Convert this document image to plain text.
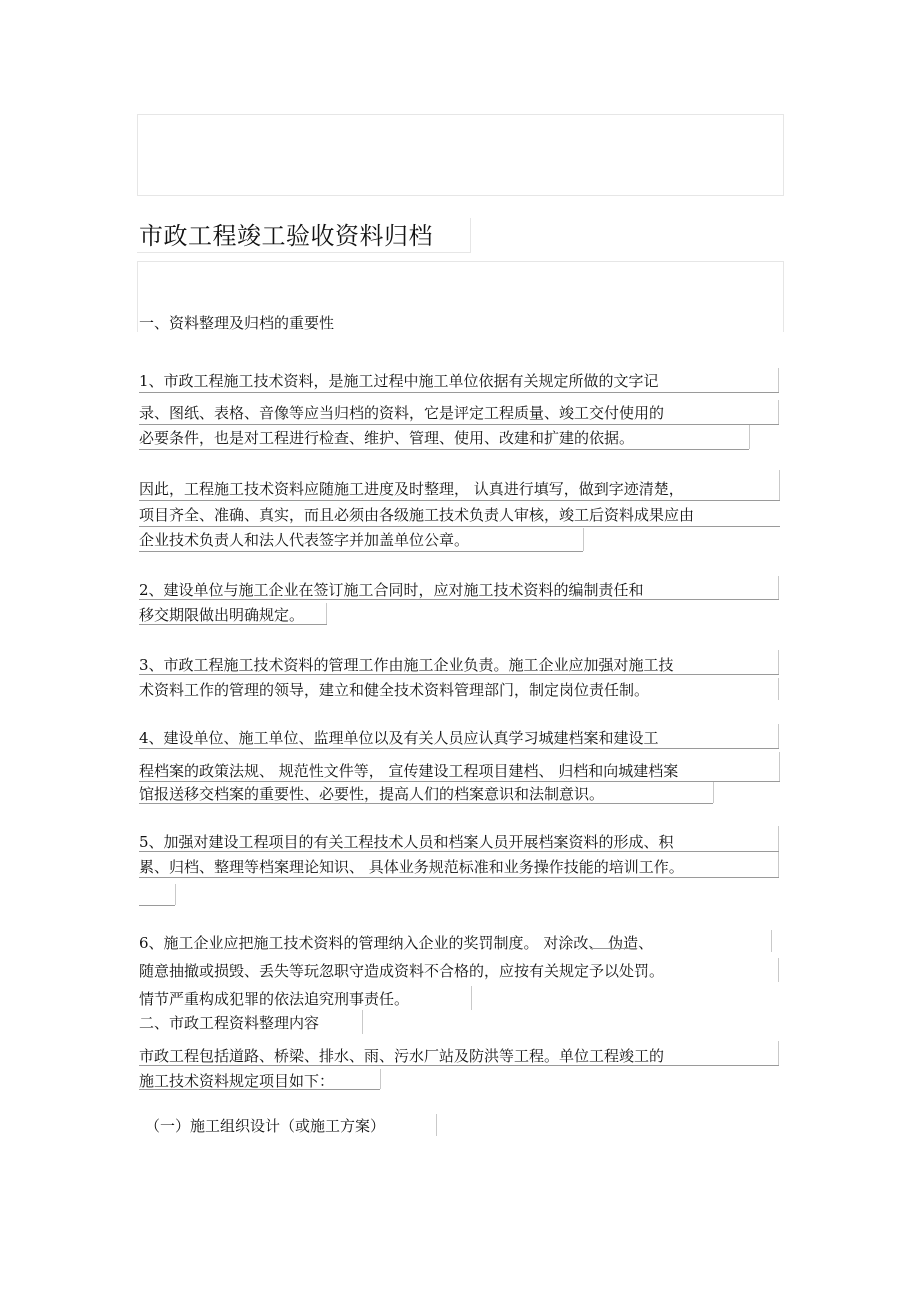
市政工程竣工验收资料归档
一、资料整理及归档的重要性
1、市政工程施工技术资料，是施工过程中施工单位依据有关规定所做的文字记
录、图纸、表格、音像等应当归档的资料，它是评定工程质量、竣工交付使用的
必要条件，也是对工程进行检查、维护、管理、使用、改建和扩建的依据。
因此，工程施工技术资料应随施工进度及时整理， 认真进行填写，做到字迹清楚，
项目齐全、准确、真实，而且必须由各级施工技术负责人审核，竣工后资料成果应由
企业技术负责人和法人代表签字并加盖单位公章。
2、建设单位与施工企业在签订施工合同时，应对施工技术资料的编制责任和
移交期限做出明确规定。
3、市政工程施工技术资料的管理工作由施工企业负责。施工企业应加强对施工技
术资料工作的管理的领导，建立和健全技术资料管理部门，制定岗位责任制。
4、建设单位、施工单位、监理单位以及有关人员应认真学习城建档案和建设工
程档案的政策法规、 规范性文件等， 宣传建设工程项目建档、 归档和向城建档案
馆报送移交档案的重要性、必要性，提高人们的档案意识和法制意识。
5、加强对建设工程项目的有关工程技术人员和档案人员开展档案资料的形成、积
累、归档、整理等档案理论知识、 具体业务规范标准和业务操作技能的培训工作。
6、施工企业应把施工技术资料的管理纳入企业的奖罚制度。 对涂改、 伪造、
随意抽撤或损毁、丢失等玩忽职守造成资料不合格的，应按有关规定予以处罚。
情节严重构成犯罪的依法追究刑事责任。
二、市政工程资料整理内容
市政工程包括道路、桥梁、排水、雨、污水厂站及防洪等工程。单位工程竣工的
施工技术资料规定项目如下：
（一）施工组织设计（或施工方案）
